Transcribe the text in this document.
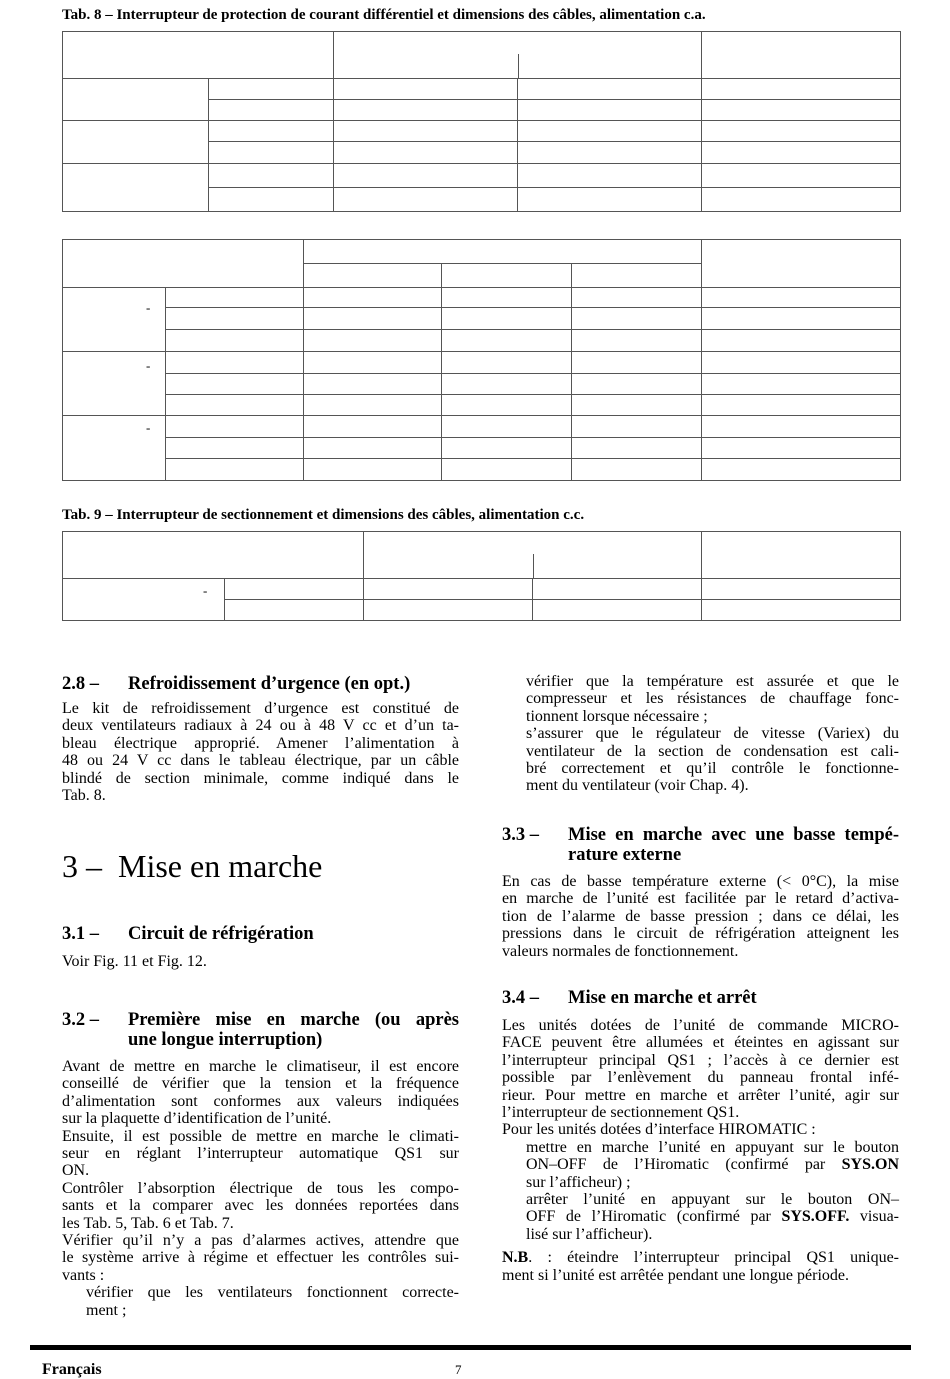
Tab. 8 – Interrupteur de protection de courant différentiel et dimensions des câbles, alimentation c.a.

-					

-					

-					

Tab. 9 – Interrupteur de sectionnement et dimensions des câbles, alimentation c.c.

-				

2.8 – Refroidissement d’urgence (en opt.)
Le kit de refroidissement d’urgence est constitué de
deux ventilateurs radiaux à 24 ou à 48 V cc et d’un ta-
bleau électrique approprié. Amener l’alimentation à
48 ou 24 V cc dans le tableau électrique, par un câble
blindé de section minimale, comme indiqué dans le
Tab. 8.
3 – Mise en marche
3.1 – Circuit de réfrigération
Voir Fig. 11 et Fig. 12.
3.2 – Première mise en marche (ou après
une longue interruption)
Avant de mettre en marche le climatiseur, il est encore
conseillé de vérifier que la tension et la fréquence
d’alimentation sont conformes aux valeurs indiquées
sur la plaquette d’identification de l’unité.
Ensuite, il est possible de mettre en marche le climati-
seur en réglant l’interrupteur automatique QS1 sur
ON.
Contrôler l’absorption électrique de tous les compo-
sants et la comparer avec les données reportées dans
les Tab. 5, Tab. 6 et Tab. 7.
Vérifier qu’il n’y a pas d’alarmes actives, attendre que
le système arrive à régime et effectuer les contrôles sui-
vants :
vérifier que les ventilateurs fonctionnent correcte-
ment ;
vérifier que la température est assurée et que le
compresseur et les résistances de chauffage fonc-
tionnent lorsque nécessaire ;
s’assurer que le régulateur de vitesse (Variex) du
ventilateur de la section de condensation est cali-
bré correctement et qu’il contrôle le fonctionne-
ment du ventilateur (voir Chap. 4).
3.3 – Mise en marche avec une basse tempé-
rature externe
En cas de basse température externe (< 0°C), la mise
en marche de l’unité est facilitée par le retard d’activa-
tion de l’alarme de basse pression ; dans ce délai, les
pressions dans le circuit de réfrigération atteignent les
valeurs normales de fonctionnement.
3.4 – Mise en marche et arrêt
Les unités dotées de l’unité de commande MICRO-
FACE peuvent être allumées et éteintes en agissant sur
l’interrupteur principal QS1 ; l’accès à ce dernier est
possible par l’enlèvement du panneau frontal infé-
rieur. Pour mettre en marche et arrêter l’unité, agir sur
l’interrupteur de sectionnement QS1.
Pour les unités dotées d’interface HIROMATIC :
mettre en marche l’unité en appuyant sur le bouton
ON–OFF de l’Hiromatic (confirmé par SYS.ON
sur l’afficheur) ;
arrêter l’unité en appuyant sur le bouton ON–
OFF de l’Hiromatic (confirmé par SYS.OFF. visua-
lisé sur l’afficheur).
N.B. : éteindre l’interrupteur principal QS1 unique-
ment si l’unité est arrêtée pendant une longue période.
Français	7
